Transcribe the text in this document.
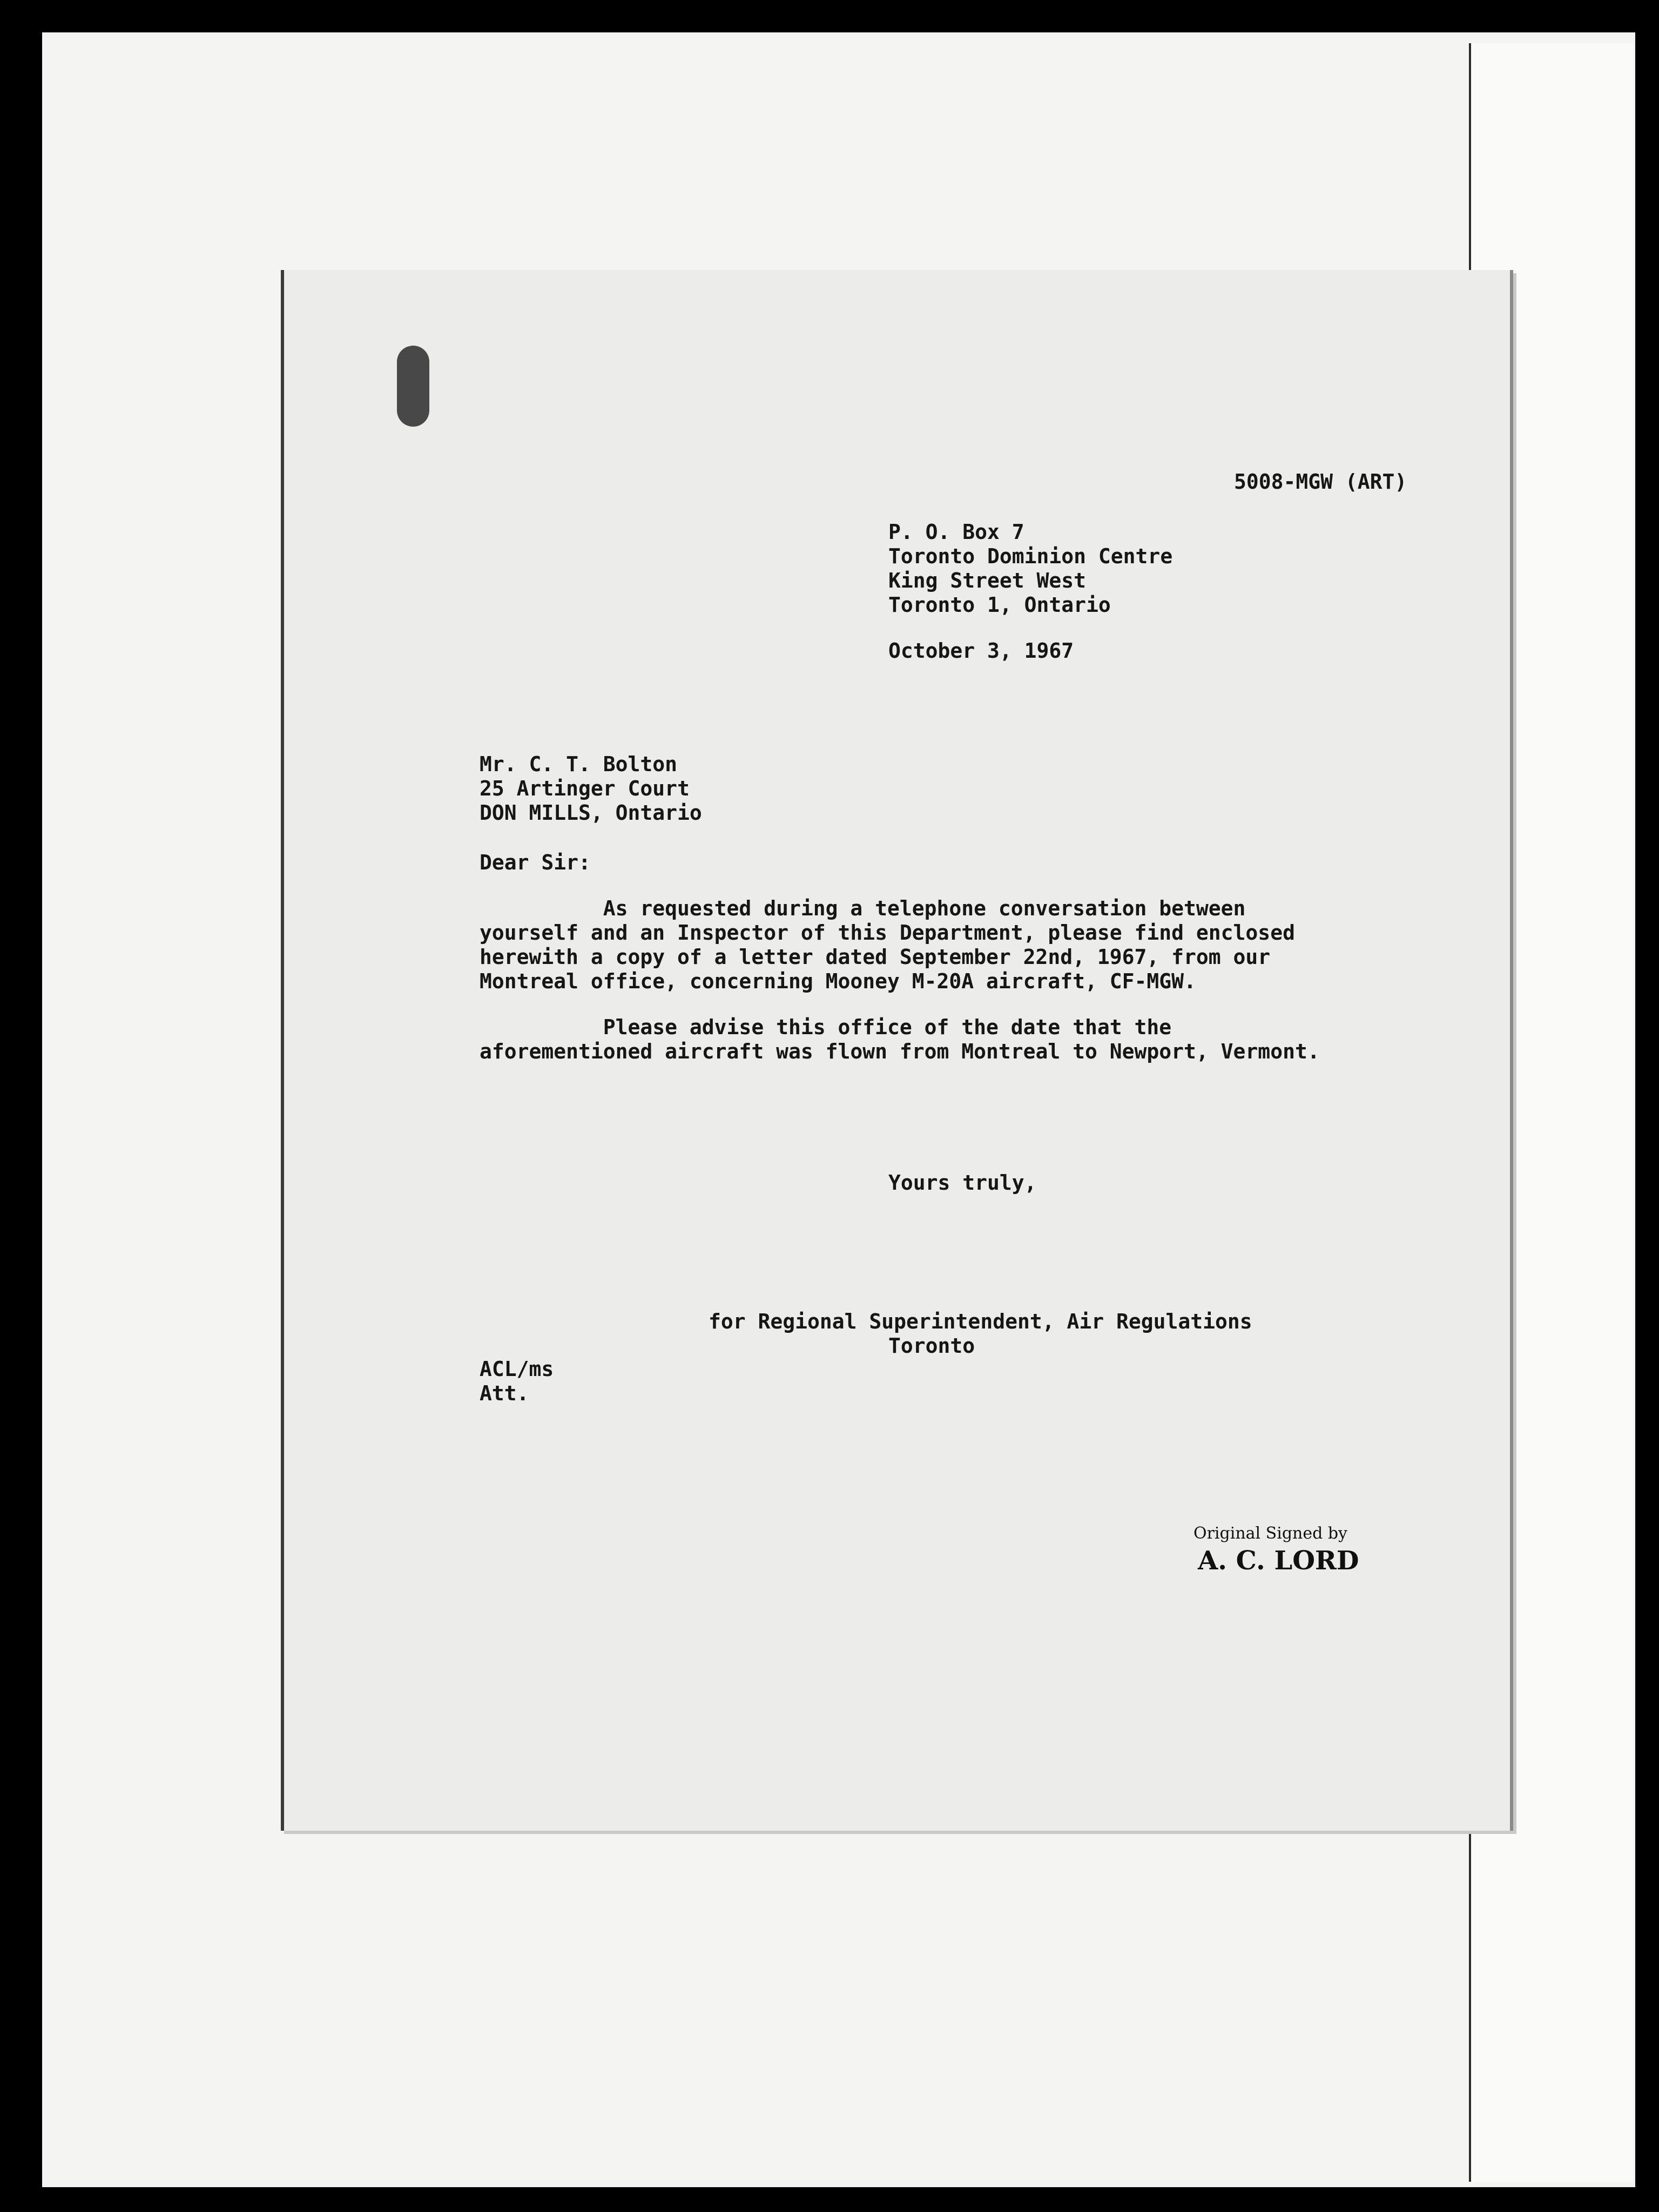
5008-MGW (ART)

P. O. Box 7

Toronto Dominion Centre

King Street West

Toronto 1, Ontario

October 3, 1967

Mr. C. T. Bolton

25 Artinger Court

DON MILLS, Ontario

Dear Sir:

As requested during a telephone conversation between

yourself and an Inspector of this Department, please find enclosed

herewith a copy of a letter dated September 22nd, 1967, from our

Montreal office, concerning Mooney M-20A aircraft, CF-MGW.

Please advise this office of the date that the

aforementioned aircraft was flown from Montreal to Newport, Vermont.

Yours truly,

for Regional Superintendent, Air Regulations

Toronto

ACL/ms

Att.

Original Signed by
A. C. LORD
